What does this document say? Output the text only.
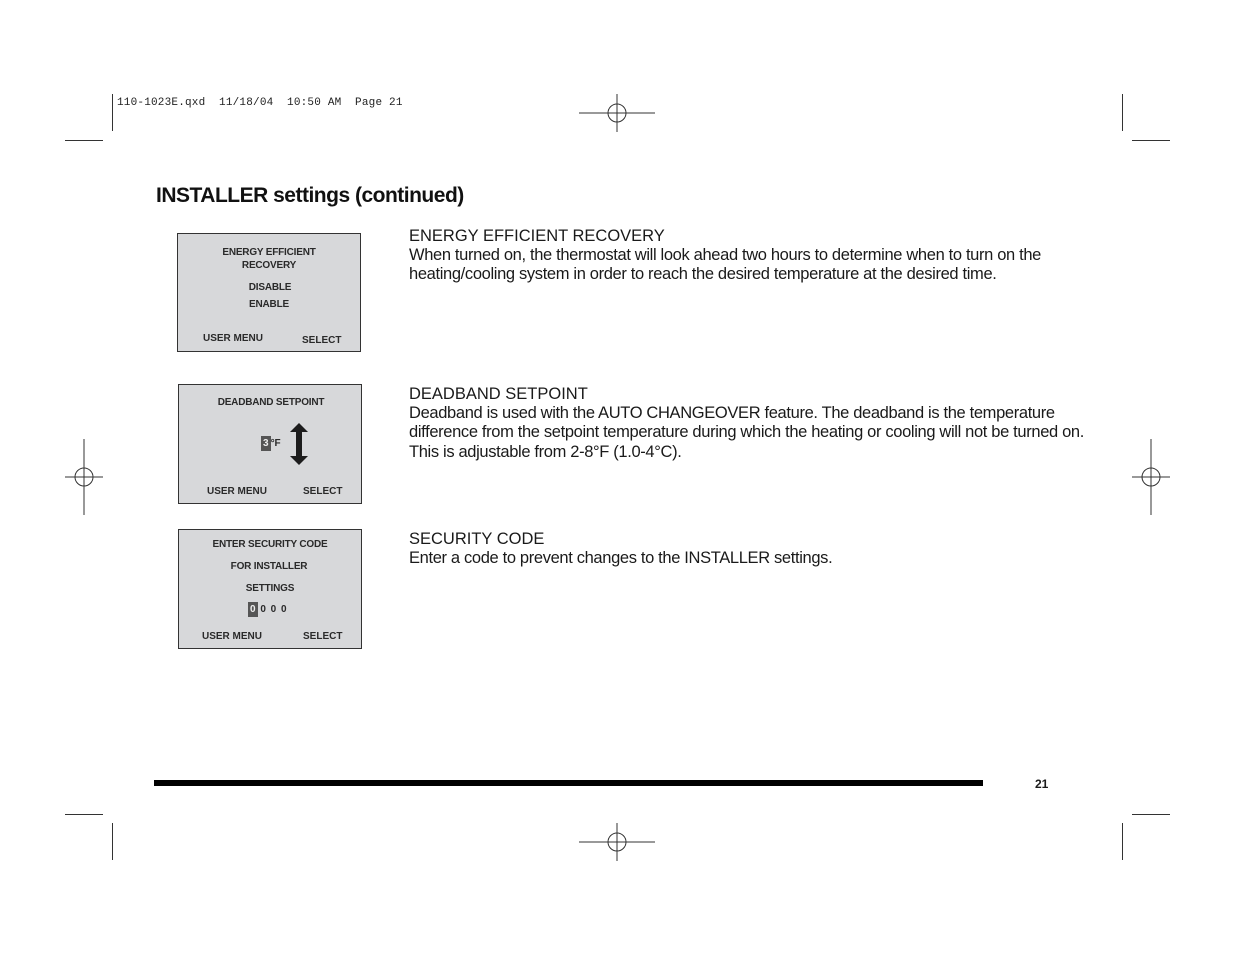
110-1023E.qxd  11/18/04  10:50 AM  Page 21
INSTALLER settings (continued)
ENERGY EFFICIENT
RECOVERY
DISABLE
ENABLE
USER MENU	SELECT
DEADBAND SETPOINT
3 °F
USER MENU	SELECT
ENTER SECURITY CODE
FOR INSTALLER
SETTINGS
0 0 0 0
USER MENU	SELECT
ENERGY EFFICIENT RECOVERY

When turned on, the thermostat will look ahead two hours to determine when to turn on the heating/cooling system in order to reach the desired temperature at the desired time.

DEADBAND SETPOINT

Deadband is used with the AUTO CHANGEOVER feature. The deadband is the temperature difference from the setpoint temperature during which the heating or cooling will not be turned on. This is adjustable from 2-8°F (1.0-4°C).

SECURITY CODE

Enter a code to prevent changes to the INSTALLER settings.

21
